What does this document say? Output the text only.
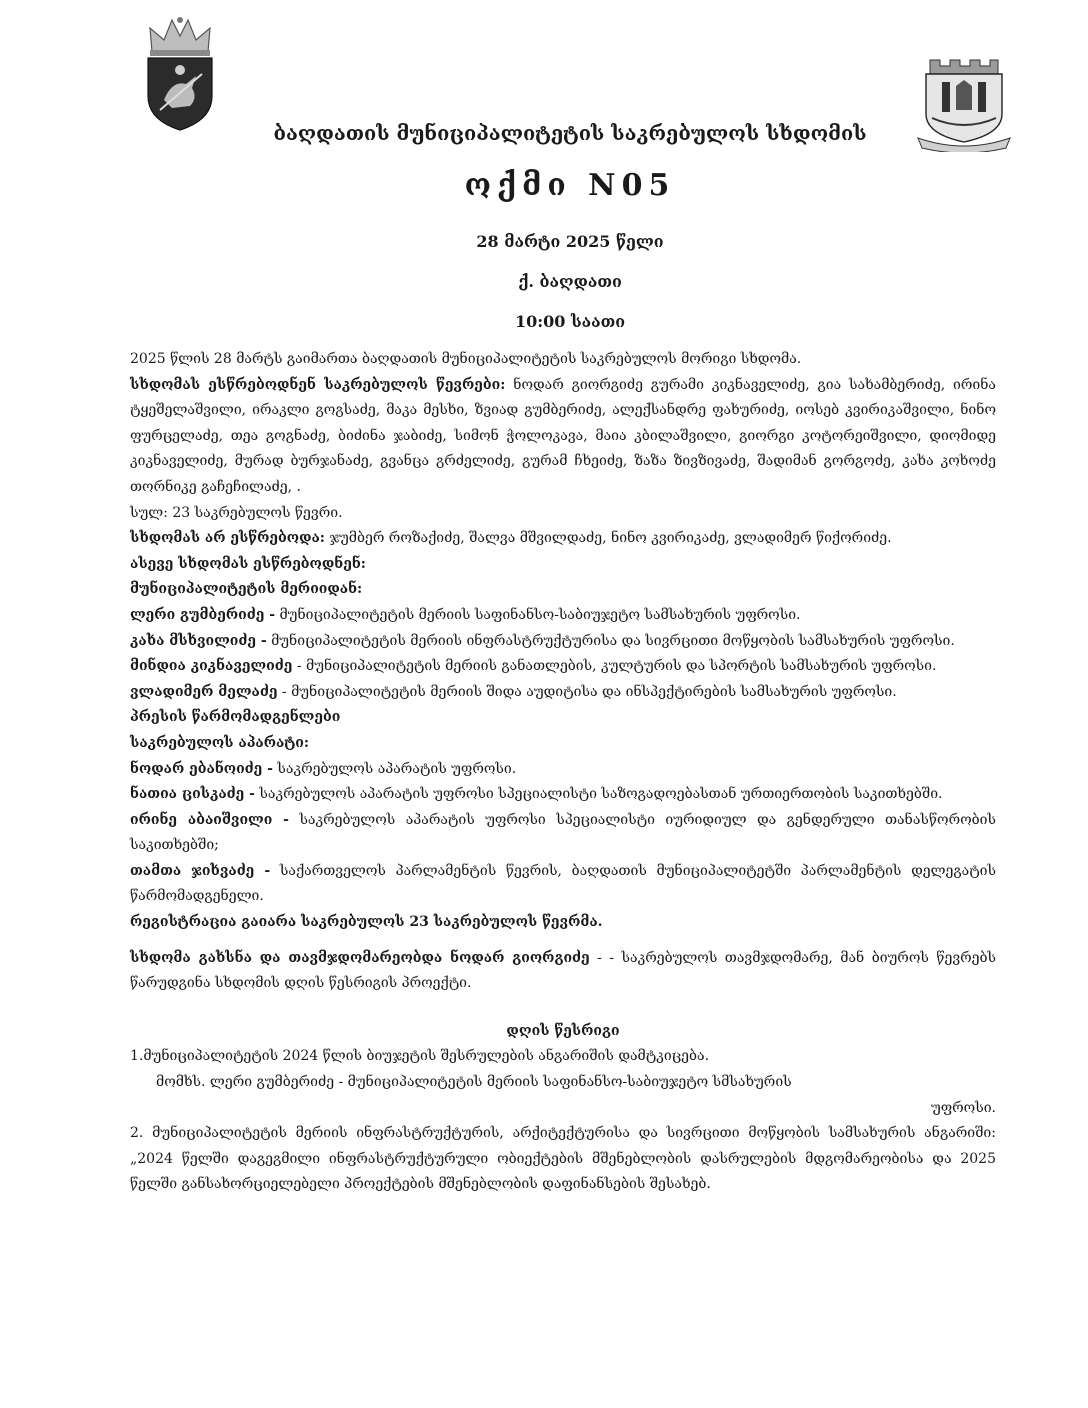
ბაღდათის მუნიციპალიტეტის საკრებულოს სხდომის
ოქმი N05
28 მარტი 2025 წელი
ქ. ბაღდათი
10:00 საათი

2025 წლის 28 მარტს გაიმართა ბაღდათის მუნიციპალიტეტის საკრებულოს მორიგი სხდომა.

სხდომას ესწრებოდნენ საკრებულოს წევრები: ნოდარ გიორგიძე გურამი კიკნაველიძე, გია სახამბერიძე, ირინა ტყეშელაშვილი, ირაკლი გოგსაძე, მაკა მესხი, ზვიად გუმბერიძე, ალექსანდრე ფახურიძე, იოსებ კვირიკაშვილი, ნინო ფურცელაძე, თეა გოგნაძე, ბიძინა ჯაბიძე, სიმონ ჭოლოკავა, მაია კბილაშვილი, გიორგი კოტორეიშვილი, დიომიდე კიკნაველიძე, მურად ბურჯანაძე, გვანცა გრძელიძე, გურამ ჩხეიძე, ზაზა ზივზივაძე, შადიმან გორგოძე, კახა კოხოძე თორნიკე გაჩეჩილაძე, .

სულ: 23 საკრებულოს წევრი.

სხდომას არ ესწრებოდა: ჯუმბერ როზაქიძე, შალვა მშვილდაძე, ნინო კვირიკაძე, ვლადიმერ წიქორიძე.

ასევე სხდომას ესწრებოდნენ:

მუნიციპალიტეტის მერიიდან:

ლერი გუმბერიძე - მუნიციპალიტეტის მერიის საფინანსო-საბიუჯეტო სამსახურის უფროსი.

კახა მსხვილიძე - მუნიციპალიტეტის მერიის ინფრასტრუქტურისა და სივრცითი მოწყობის სამსახურის უფროსი.

მინდია კიკნაველიძე - მუნიციპალიტეტის მერიის განათლების, კულტურის და სპორტის სამსახურის უფროსი.

ვლადიმერ მელაძე - მუნიციპალიტეტის მერიის შიდა აუდიტისა და ინსპექტირების სამსახურის უფროსი.

პრესის წარმომადგენლები

საკრებულოს აპარატი:

ნოდარ ებანოიძე - საკრებულოს აპარატის უფროსი.

ნათია ცისკაძე - საკრებულოს აპარატის უფროსი სპეციალისტი საზოგადოებასთან ურთიერთობის საკითხებში.

ირინე აბაიშვილი - საკრებულოს აპარატის უფროსი სპეციალისტი იურიდიულ და გენდერული თანასწორობის საკითხებში;

თამთა ჯიხვაძე - საქართველოს პარლამენტის წევრის, ბაღდათის მუნიციპალიტეტში პარლამენტის დელეგატის წარმომადგენელი.

რეგისტრაცია გაიარა საკრებულოს 23 საკრებულოს წევრმა.

სხდომა გახსნა და თავმჯდომარეობდა ნოდარ გიორგიძე - - საკრებულოს თავმჯდომარე, მან ბიუროს წევრებს წარუდგინა სხდომის დღის წესრიგის პროექტი.

დღის წესრიგი

1.მუნიციპალიტეტის 2024 წლის ბიუჯეტის შესრულების ანგარიშის დამტკიცება.

მომხს. ლერი გუმბერიძე - მუნიციპალიტეტის მერიის საფინანსო-საბიუჯეტო სმსახურის

უფროსი.

2. მუნიციპალიტეტის მერიის ინფრასტრუქტურის, არქიტექტურისა და სივრცითი მოწყობის სამსახურის ანგარიში: „2024 წელში დაგეგმილი ინფრასტრუქტურული ობიექტების მშენებლობის დასრულების მდგომარეობისა და 2025 წელში განსახორციელებელი პროექტების მშენებლობის დაფინანსების შესახებ.
